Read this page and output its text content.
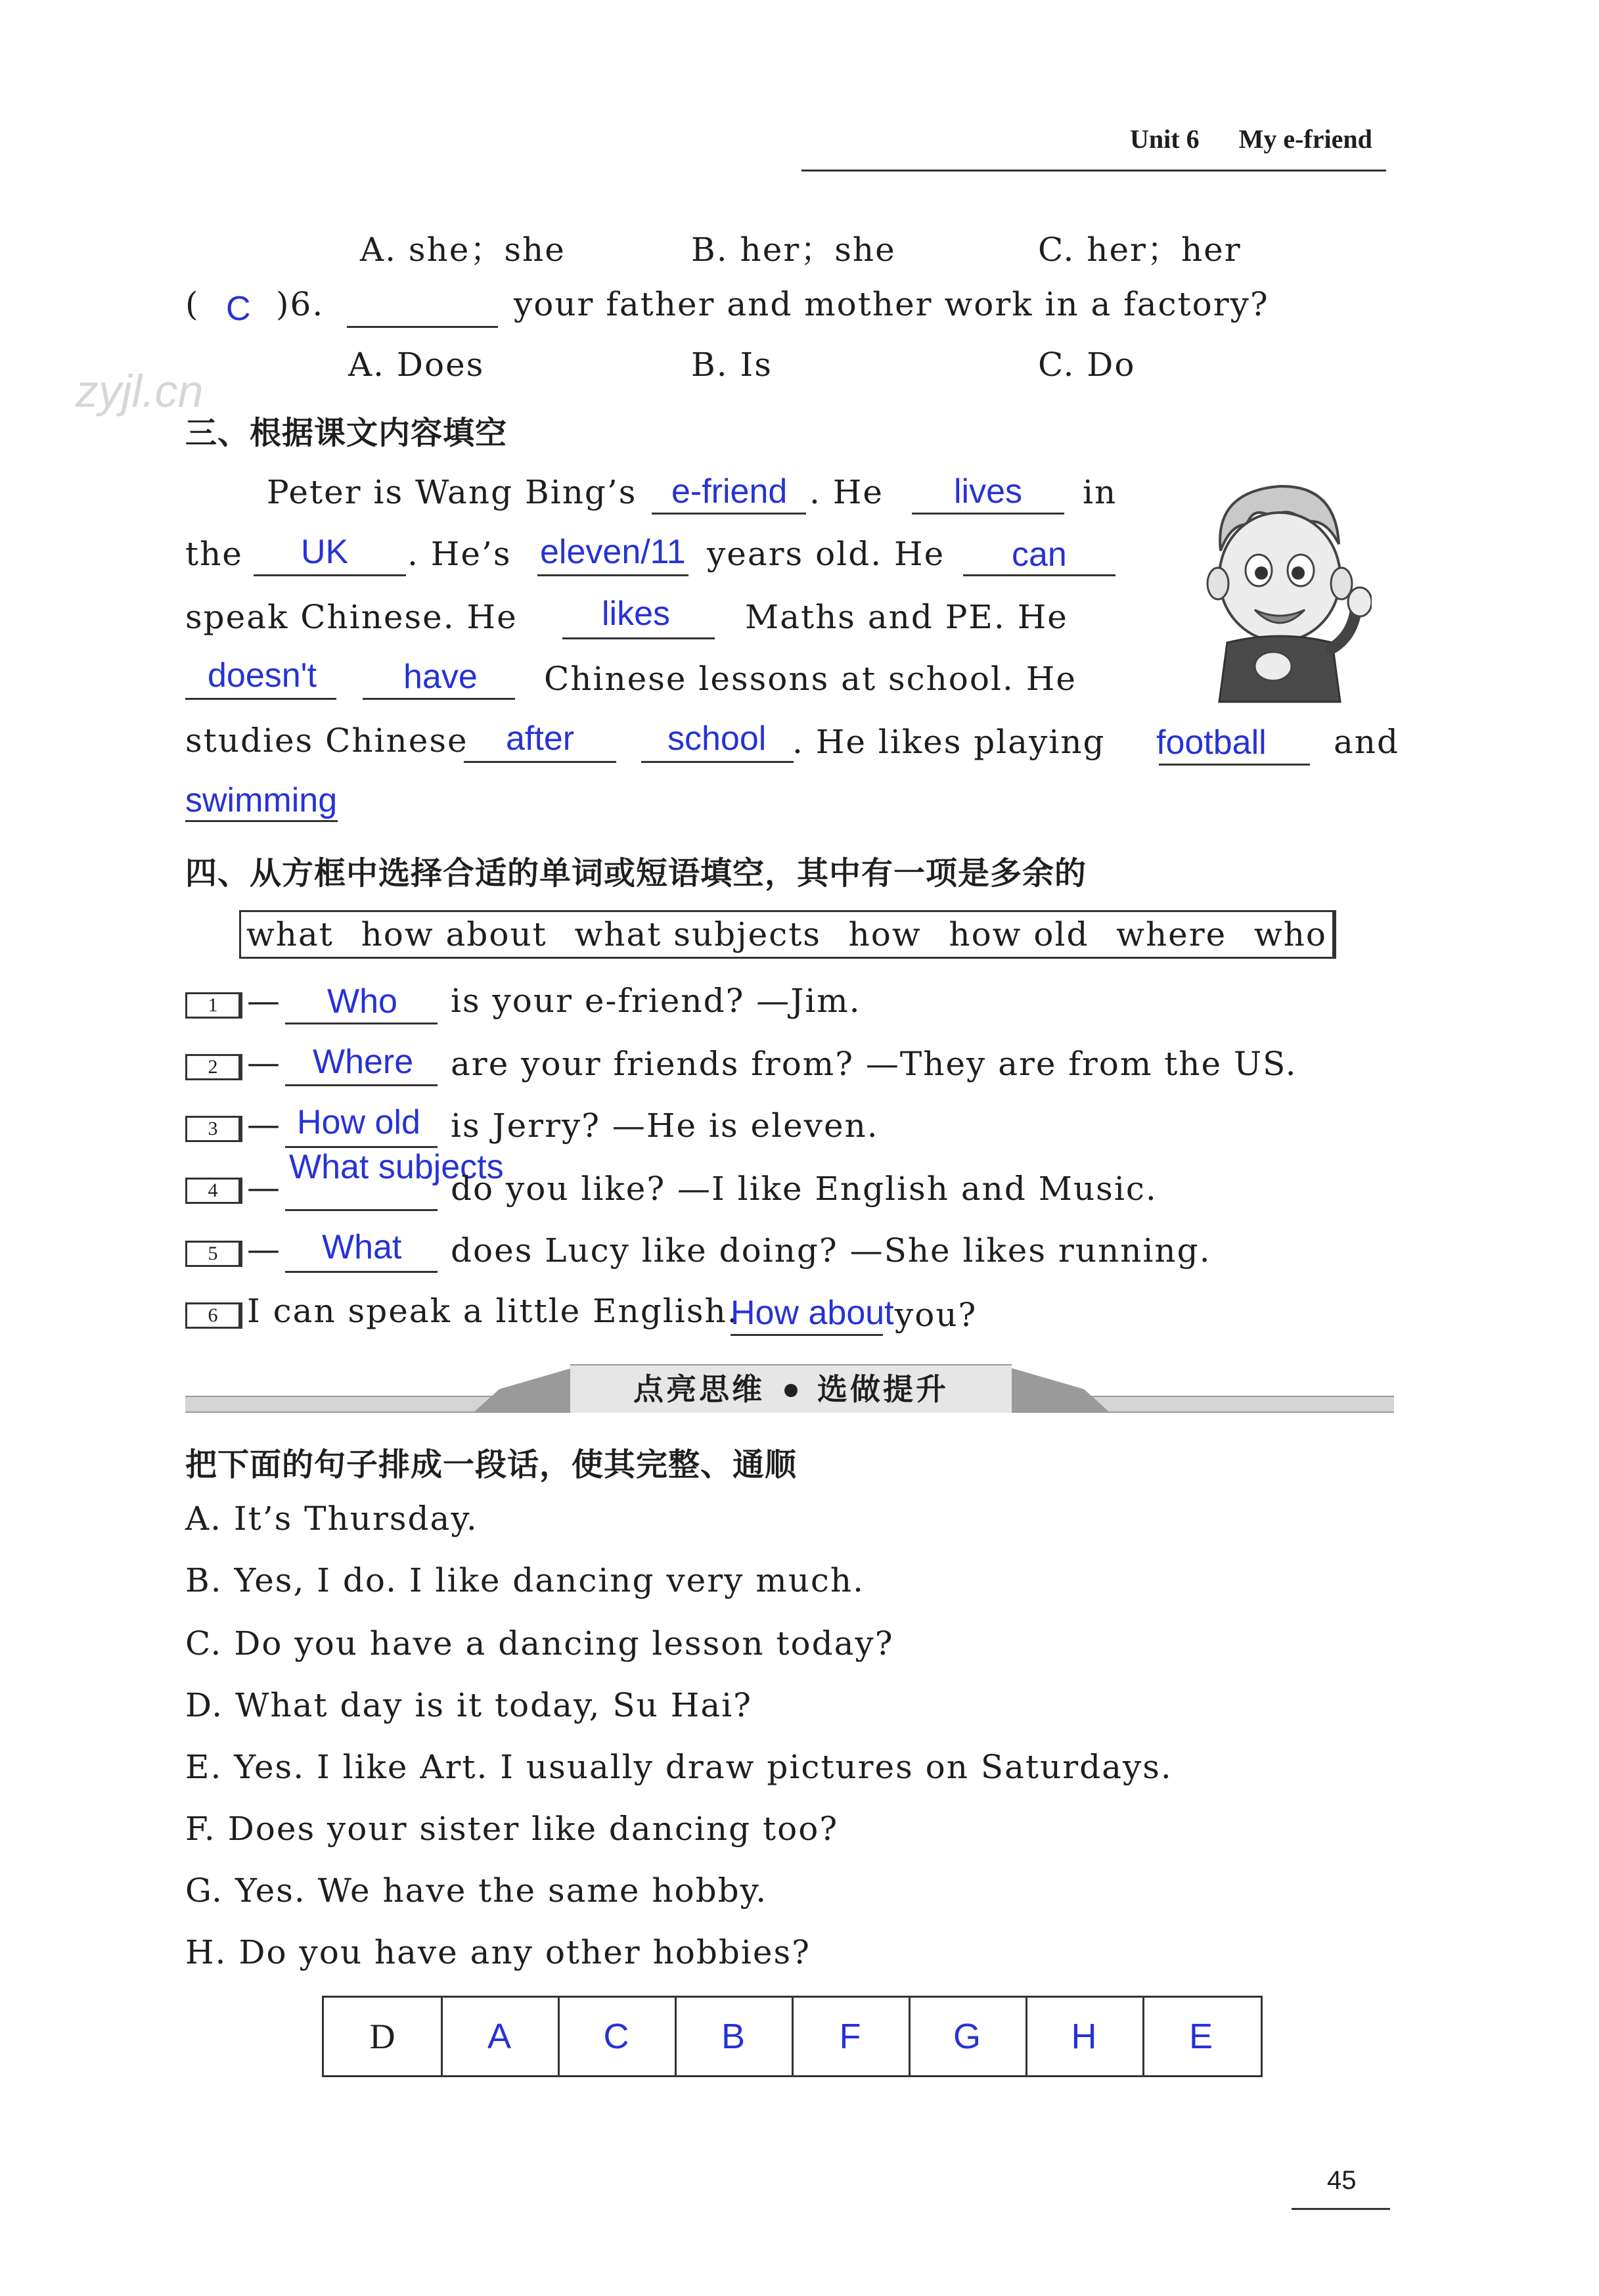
Unit 6 My e-friend
zyjl.cn
A. she；she	B. her；she	C. her；her
( C )6.	your father and mother work in a factory?
A. Does	B. Is	C. Do
三、根据课文内容填空
Peter is Wang Bing’s e-friend . He lives in
the UK . He’s eleven/11 years old. He can
speak Chinese. He likes Maths and PE. He
doesn't	have Chinese lessons at school. He
studies Chinese after	school . He likes playing football and
swimming
四、从方框中选择合适的单词或短语填空，其中有一项是多余的
what how about what subjects how how old where who
1 — Who is your e-friend? —Jim.
2 — Where are your friends from? —They are from the US.
3 — How old is Jerry? —He is eleven.
4 —
What subjects
do you like? —I like English and Music.
5 — What does Lucy like doing? —She likes running.
6 I can speak a little English.
How about you?
点亮思维 选做提升
把下面的句子排成一段话，使其完整、通顺
A. It’s Thursday.
B. Yes, I do. I like dancing very much.
C. Do you have a dancing lesson today?
D. What day is it today, Su Hai?
E. Yes. I like Art. I usually draw pictures on Saturdays.
F. Does your sister like dancing too?
G. Yes. We have the same hobby.
H. Do you have any other hobbies?
D	A	C	B	F	G	H	E
45
